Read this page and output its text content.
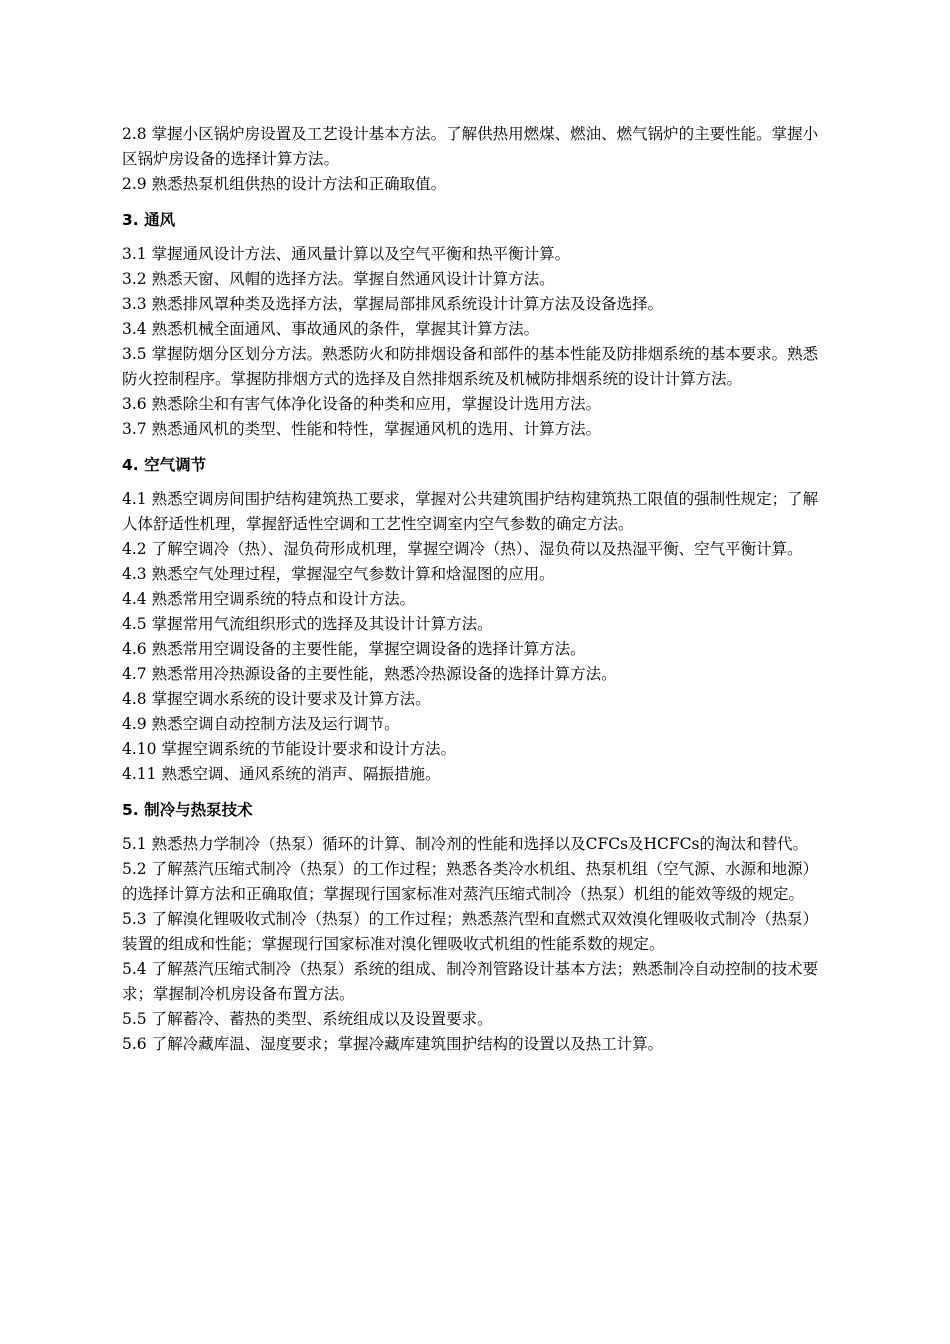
2.8 掌握小区锅炉房设置及工艺设计基本方法。了解供热用燃煤、燃油、燃气锅炉的主要性能。掌握小区锅炉房设备的选择计算方法。

2.9 熟悉热泵机组供热的设计方法和正确取值。

3. 通风

3.1 掌握通风设计方法、通风量计算以及空气平衡和热平衡计算。

3.2 熟悉天窗、风帽的选择方法。掌握自然通风设计计算方法。

3.3 熟悉排风罩种类及选择方法，掌握局部排风系统设计计算方法及设备选择。

3.4 熟悉机械全面通风、事故通风的条件，掌握其计算方法。

3.5 掌握防烟分区划分方法。熟悉防火和防排烟设备和部件的基本性能及防排烟系统的基本要求。熟悉防火控制程序。掌握防排烟方式的选择及自然排烟系统及机械防排烟系统的设计计算方法。

3.6 熟悉除尘和有害气体净化设备的种类和应用，掌握设计选用方法。

3.7 熟悉通风机的类型、性能和特性，掌握通风机的选用、计算方法。

4. 空气调节

4.1 熟悉空调房间围护结构建筑热工要求，掌握对公共建筑围护结构建筑热工限值的强制性规定；了解人体舒适性机理，掌握舒适性空调和工艺性空调室内空气参数的确定方法。

4.2 了解空调冷（热）、湿负荷形成机理，掌握空调冷（热）、湿负荷以及热湿平衡、空气平衡计算。

4.3 熟悉空气处理过程，掌握湿空气参数计算和焓湿图的应用。

4.4 熟悉常用空调系统的特点和设计方法。

4.5 掌握常用气流组织形式的选择及其设计计算方法。

4.6 熟悉常用空调设备的主要性能，掌握空调设备的选择计算方法。

4.7 熟悉常用冷热源设备的主要性能，熟悉冷热源设备的选择计算方法。

4.8 掌握空调水系统的设计要求及计算方法。

4.9 熟悉空调自动控制方法及运行调节。

4.10 掌握空调系统的节能设计要求和设计方法。

4.11 熟悉空调、通风系统的消声、隔振措施。

5. 制冷与热泵技术

5.1 熟悉热力学制冷（热泵）循环的计算、制冷剂的性能和选择以及CFCs及HCFCs的淘汰和替代。

5.2 了解蒸汽压缩式制冷（热泵）的工作过程；熟悉各类冷水机组、热泵机组（空气源、水源和地源）的选择计算方法和正确取值；掌握现行国家标准对蒸汽压缩式制冷（热泵）机组的能效等级的规定。

5.3 了解溴化锂吸收式制冷（热泵）的工作过程；熟悉蒸汽型和直燃式双效溴化锂吸收式制冷（热泵）装置的组成和性能；掌握现行国家标准对溴化锂吸收式机组的性能系数的规定。

5.4 了解蒸汽压缩式制冷（热泵）系统的组成、制冷剂管路设计基本方法；熟悉制冷自动控制的技术要求；掌握制冷机房设备布置方法。

5.5 了解蓄冷、蓄热的类型、系统组成以及设置要求。

5.6 了解冷藏库温、湿度要求；掌握冷藏库建筑围护结构的设置以及热工计算。
